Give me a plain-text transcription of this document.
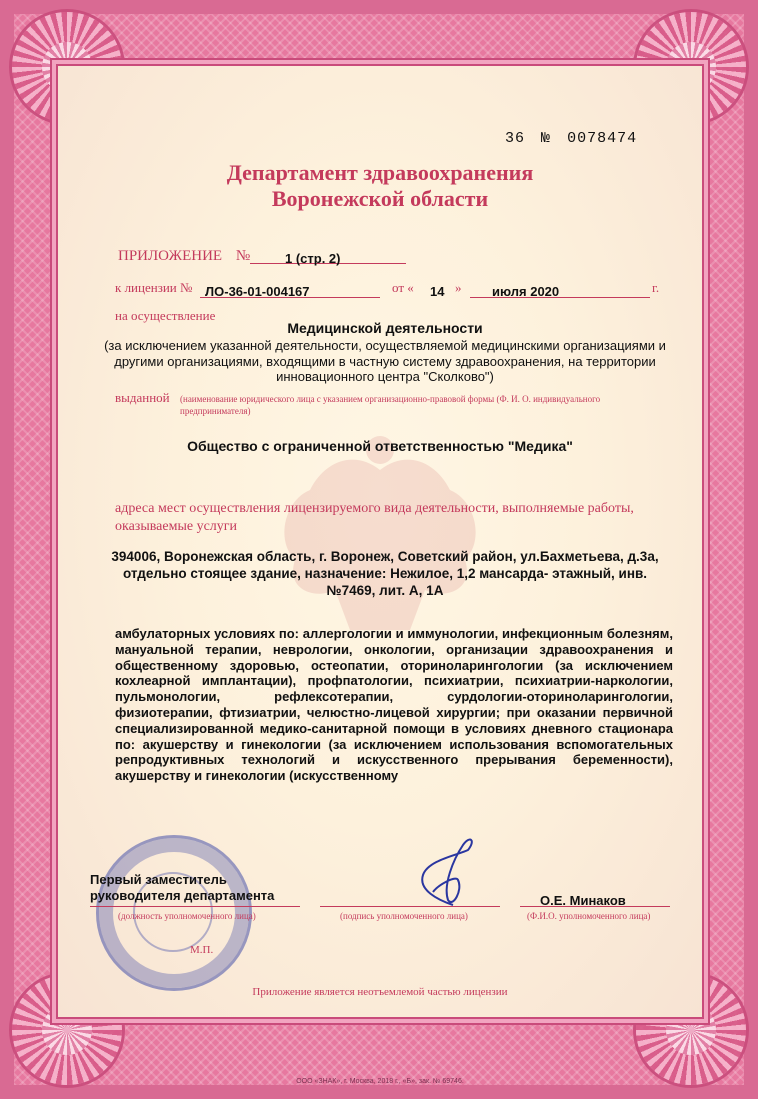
36 № 0078474
Департамент здравоохранения
Воронежской области
ПРИЛОЖЕНИЕ №	1 (стр. 2)
к лицензии № ЛО-36-01-004167	от « 14 » июля 2020	г.
на осуществление
Медицинской деятельности
(за исключением указанной деятельности, осуществляемой медицинскими организациями и другими организациями, входящими в частную систему здравоохранения, на территории инновационного центра "Сколково")
выданной (наименование юридического лица с указанием организационно-правовой формы (Ф. И. О. индивидуального предпринимателя)
Общество с ограниченной ответственностью "Медика"
адреса мест осуществления лицензируемого вида деятельности, выполняемые работы, оказываемые услуги
394006, Воронежская область, г. Воронеж, Советский район, ул.Бахметьева, д.3а, отдельно стоящее здание, назначение: Нежилое, 1,2 мансарда- этажный, инв. №7469, лит. А, 1А
амбулаторных условиях по: аллергологии и иммунологии, инфекционным болезням, мануальной терапии, неврологии, онкологии, организации здравоохранения и общественному здоровью, остеопатии, оториноларингологии (за исключением кохлеарной имплантации), профпатологии, психиатрии, психиатрии-наркологии, пульмонологии, рефлексотерапии, сурдологии-оториноларингологии, физиотерапии, фтизиатрии, челюстно-лицевой хирургии; при оказании первичной специализированной медико-санитарной помощи в условиях дневного стационара по: акушерству и гинекологии (за исключением использования вспомогательных репродуктивных технологий и искусственного прерывания беременности), акушерству и гинекологии (искусственному
Первый заместитель
руководителя департамента
(должность уполномоченного лица)	(подпись уполномоченного лица)
О.Е. Минаков
(Ф.И.О. уполномоченного лица)
М.П.
Приложение является неотъемлемой частью лицензии
ООО «ЗНАК», г. Москва, 2018 г., «Б», зак. № 69746.
